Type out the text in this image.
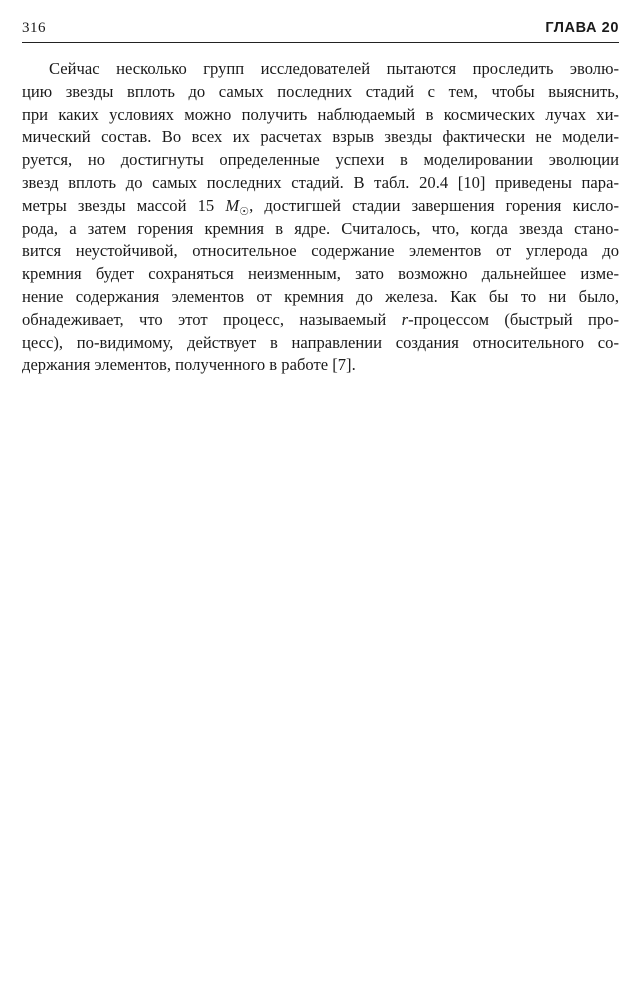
316	ГЛАВА 20
Сейчас несколько групп исследователей пытаются проследить эволю-
цию звезды вплоть до самых последних стадий с тем, чтобы выяснить,
при каких условиях можно получить наблюдаемый в космических лучах хи-
мический состав. Во всех их расчетах взрыв звезды фактически не модели-
руется, но достигнуты определенные успехи в моделировании эволюции
звезд вплоть до самых последних стадий. В табл. 20.4 [10] приведены пара-
метры звезды массой 15 $M_☉$, достигшей стадии завершения горения кисло-
рода, а затем горения кремния в ядре. Считалось, что, когда звезда стано-
вится неустойчивой, относительное содержание элементов от углерода до
кремния будет сохраняться неизменным, зато возможно дальнейшее изме-
нение содержания элементов от кремния до железа. Как бы то ни было,
обнадеживает, что этот процесс, называемый r-процессом (быстрый про-
цесс), по-видимому, действует в направлении создания относительного со-
держания элементов, полученного в работе [7].
